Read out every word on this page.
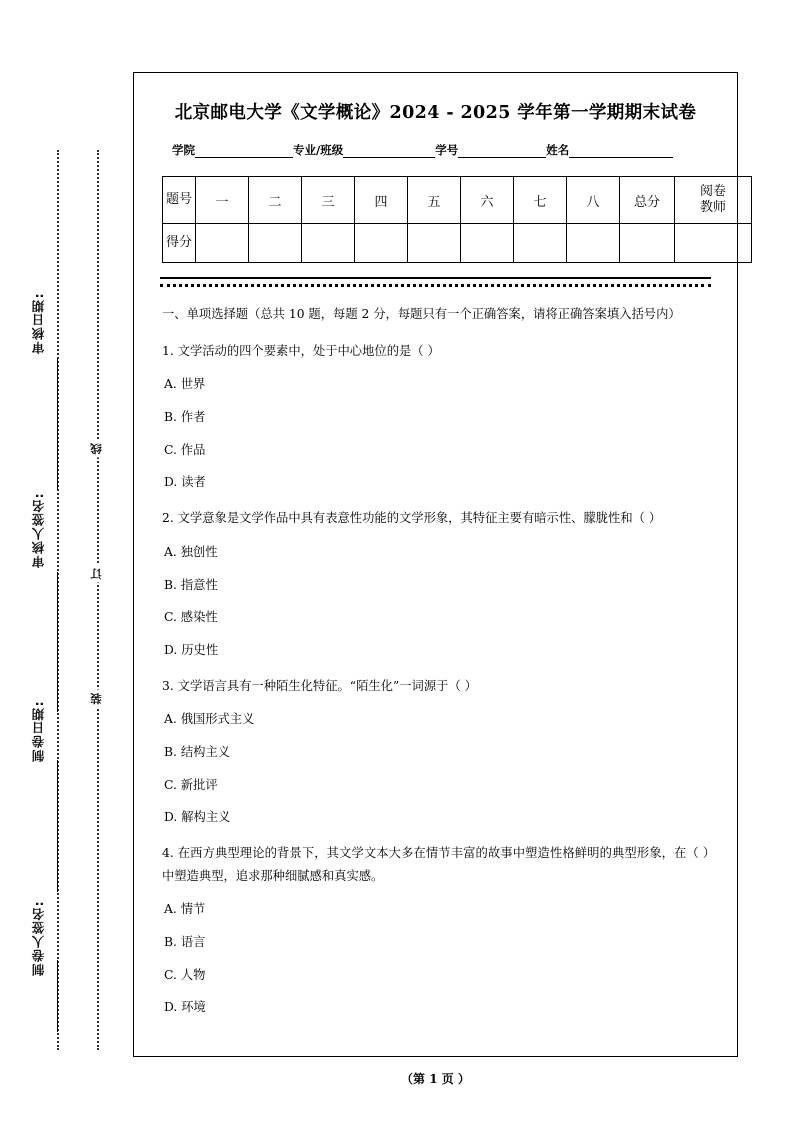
审核日期:
审核人签名:
制卷日期:
制卷人签名:
线
订
装
北京邮电大学《文学概论》2024 - 2025 学年第一学期期末试卷
学院	专业/班级	学号	姓名
题号	一	二	三	四	五	六	七	八	总分	阅卷
教师

得分										
一、单项选择题（总共 10 题，每题 2 分，每题只有一个正确答案，请将正确答案填入括号内）
1. 文学活动的四个要素中，处于中心地位的是（ ）
A. 世界
B. 作者
C. 作品
D. 读者
2. 文学意象是文学作品中具有表意性功能的文学形象，其特征主要有暗示性、朦胧性和（ ）
A. 独创性
B. 指意性
C. 感染性
D. 历史性
3. 文学语言具有一种陌生化特征。“陌生化”一词源于（ ）
A. 俄国形式主义
B. 结构主义
C. 新批评
D. 解构主义
4. 在西方典型理论的背景下，其文学文本大多在情节丰富的故事中塑造性格鲜明的典型形象，在（ ）中塑造典型，追求那种细腻感和真实感。
A. 情节
B. 语言
C. 人物
D. 环境
（第 1 页 ）
